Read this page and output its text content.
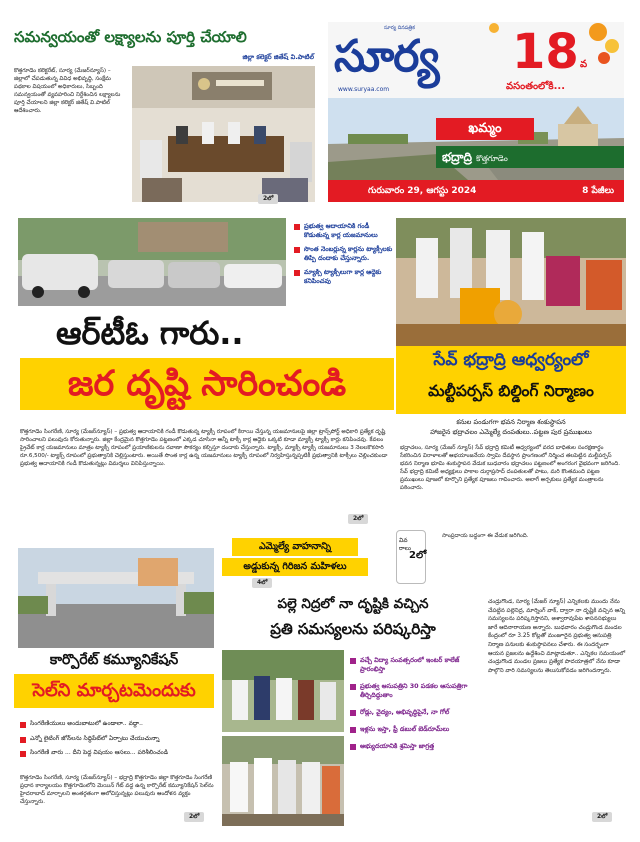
సమన్వయంతో లక్ష్యాలను పూర్తి చేయాలి
జిల్లా కలెక్టర్ జితేష్ వి.పాటిల్
కొత్తగూడెం కలెక్టరేట్, సూర్య (మేజర్‌న్యూస్) – జిల్లాలో చేపడుతున్న వివిధ అభివృద్ధి, సంక్షేమ పథకాల విషయంలో అధికారులు, సిబ్బంది సమన్వయంతో వ్యవహరించి నిర్దేశించిన లక్ష్యాలను పూర్తి చేయాలని జిల్లా కలెక్టర్ జితేష్ వి.పాటిల్ ఆదేశించారు.
2లో
సూర్య దినపత్రిక
సూర్య
www.suryaa.com
18 వ
వసంతంలోకి...
ఖమ్మం
భద్రాద్రి కొత్తగూడెం
గురువారం 29, ఆగస్టు 2024	8 పేజీలు
ప్రభుత్వ ఆదాయానికి గండీ కొడుతున్న కార్ల యజమానులు
సొంత నెంబర్లున్న కార్లను ట్యాక్సీలకు తిప్పి దందాకు చేస్తున్నారు.
మ్యాక్సి ట్యాక్సీలుగా కార్ల ఆద్దెకు కనిపించవు
ఆర్‌టీఓ గారు..
జర దృష్టి సారించండి
కొత్తగూడెం సింగరేణి, సూర్య (మేజర్‌న్యూస్) – ప్రభుత్వ ఆదాయానికి గండీ కొడుతున్న ట్యాక్సీ రూపంలో కిరాయి చేస్తున్న యజమానులపై జిల్లా ట్రాన్స్‌పోర్ట్ అధికారి ప్రత్యేక దృష్టి సారించాలని పలువురు కోరుతున్నారు. జిల్లా కేంద్రమైన కొత్తగూడెం పట్టణంలో ఎక్కడ చూసినా ఆన్నీ టాక్సీ కార్ల ఆద్దెకు ఒక్కటి కూడా మ్యాక్సీ ట్యాక్సీ కార్లు కనిపించవు. కేవలం ప్రైవేట్ కార్ల యజమానులు మాత్రం ట్యాక్సీ రూపంలో ప్రయాణికులను రవాణా సౌకర్యం కల్పిస్తూ దందాకు చేస్తున్నారు. ట్యాక్సీ, మ్యాక్సీ ట్యాక్సీ యజమానులు 3 నెలలకొకసారి రూ.6,500/- ట్యాక్స్ రూపంలో ప్రభుత్వానికి చెల్లిస్తుంటారు. అయితే సొంత కార్ల ఉన్న యజమానులు ట్యాక్సీ రూపంలో నిర్వహిస్తున్నప్పటికీ ప్రభుత్వానికి టాక్సీలు చెల్లించకుండా ప్రభుత్వ ఆదాయానికి గండీ కొడుతున్నట్లు విమర్శలు వినిపిస్తున్నాయి.
2లో
సేవ్ భద్రాద్రి ఆధ్వర్యంలో
మల్టీపర్పస్ బిల్డింగ్ నిర్మాణం
కనుల పండుగగా భవన నిర్మాణ శంకుస్థాపన
హాజరైన భద్రాచలం ఎమ్మెల్యే దంపతులు..పట్టణ పుర ప్రముఖులు
భద్రాచలం, సూర్య (మేజర్ న్యూస్) సేవ్ భద్రాద్రి కమిటీ ఆధ్వర్యంలో వరద బాధితుల సంరక్షణార్థం సేకరించిన విరాళాలతో ఆభయాంజనేయ స్వామి దేవస్థాన ప్రాంగణంలో నిర్మించ తలపెట్టిన మల్టీపర్పస్ భవన నిర్మాణ భూమి శంకుస్థాపన వేడుక బుధవారం భద్రాచలం పట్టణంలో అంగరంగ వైభవంగా జరిగింది. సేవ్ భద్రాద్రి కమిటీ అధ్యక్షులు పాకాల దుర్గాప్రసాద్ దంపతులతో పాటు, మరి కొంతమంది పట్టణ ప్రముఖులు పూజలో కూర్చొని ప్రత్యేక పూజలు గావించారు. అలాగే అర్చకులు ప్రత్యేక మంత్రాలను పఠించారు.
సాంప్రదాయ బద్ధంగా ఈ వేడుక జరిగింది.
వివరాలు
2లో
ఎమ్మెల్యే వాహనాన్ని
అడ్డుకున్న గిరిజన మహిళలు
4లో
కార్పొరేట్ కమ్యూనికేషన్
సెల్‌ని మార్చటమెందుకు
సింగరేణియులు అందుబాటులో ఉండాలా.. వద్దా..
ఎన్నో లైటింగ్ జోన్‌లను సిద్ధిపేట్‌లో ఏర్పాటు చేయుచున్నా
సింగరేణి వారు ... దీని పెద్ద విషయం ఆసలు... పరిశీలించండి
కొత్తగూడెం సింగరేణి, సూర్య (మేజర్‌న్యూస్) – భద్రాద్రి కొత్తగూడెం జిల్లా కొత్తగూడెం సింగరేణి ప్రధాన కార్యాలయం కొత్తగూడెంలోని మెయిన్ గేట్ వద్ద ఉన్న కార్పొరేట్ కమ్యూనికేషన్ సెల్‌ను హైదరాబాద్ మార్చాలని అంతర్గతంగా ఆలోచిస్తున్నట్లు పలువురు ఆందోళన వ్యక్తం చేస్తున్నారు.
2లో
పల్లె నిద్రలో నా దృష్టికి వచ్చిన
ప్రతి సమస్యలను పరిష్కరిస్తా
వచ్చే విద్యా సంవత్సరంలో ఇంటర్ కాలేజ్ ప్రారంభిస్తా
ప్రభుత్వ ఆసుపత్రిని 30 పడకల ఆసుపత్రిగా తీర్చిదిద్దుతాం
రోడ్లు, వైద్యం, అభివృద్ధిపైనే, నా గోల్
ఇళ్లను ఇస్తా, ఫ్రీ డబుల్ బెడ్‌రూమ్‌లు
అభ్యుదయానికి శ్రమిస్తా జాగ్రత్త
చండ్రుగొండ, సూర్య (మేజర్ న్యూస్) ఎన్నికలకు ముందు నేను చేపట్టిన పల్లెనిద్ర, మార్నింగ్ వాక్, ద్వారా నా దృష్టికి వచ్చిన ఆన్ని సమస్యలను పరిష్కరిస్తానని, అశ్వారావుపేట శాసనసభ్యులు జారే ఆదినారాయణ అన్నారు. బుధవారం చండ్రుగొండ మండల కేంద్రంలో రూ 3.25 కోట్లతో మంజూరైన ప్రభుత్వ ఆసుపత్రి నిర్మాణ పనులకు శంకుస్థాపనలు చేశారు. ఈ సందర్భంగా ఆయన ప్రజలను ఉద్దేశించి మాట్లాడుతూ.. ఎన్నికల సమయంలో చండ్రుగొండ మండల ప్రజలు ప్రత్యేక పాదయాత్రలో నేను కూడా పాల్గొని వారి సమస్యలను తెలుసుకోవడం జరిగిందన్నారు.
2లో
